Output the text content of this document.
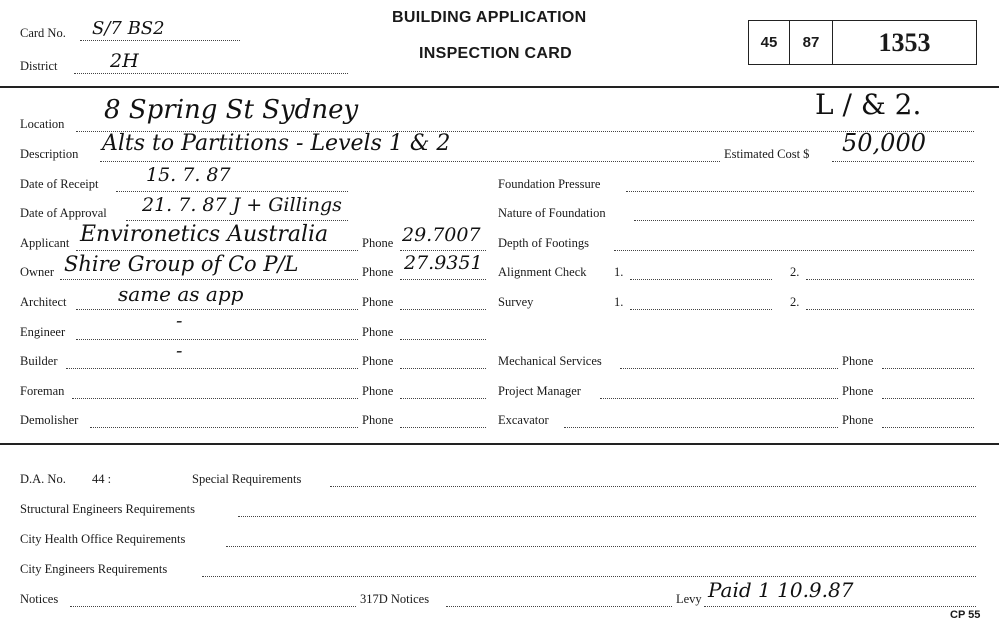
Card No. S/7 BS2
District	2H
BUILDING APPLICATION
INSPECTION CARD
45	87	1353
Location 8 Spring St Sydney	L / & 2.
Description Alts to Partitions - Levels 1 & 2	Estimated Cost $ 50,000
Date of Receipt	15. 7. 87
Date of Approval 21. 7. 87 J + Gillings
Applicant Environetics Australia	Phone 29.7007
Owner Shire Group of Co P/L	Phone 27.9351
Architect	same as app	Phone
Engineer	-	Phone
Builder	-	Phone
Foreman	Phone
Demolisher	Phone
Foundation Pressure
Nature of Foundation
Depth of Footings
Alignment Check 1.	2.
Survey	1.	2.
Mechanical Services	Phone
Project Manager	Phone
Excavator	Phone
D.A. No. 44 :	Special Requirements
Structural Engineers Requirements
City Health Office Requirements
City Engineers Requirements
Notices	317D Notices	Levy Paid 1 10.9.87
CP 55
